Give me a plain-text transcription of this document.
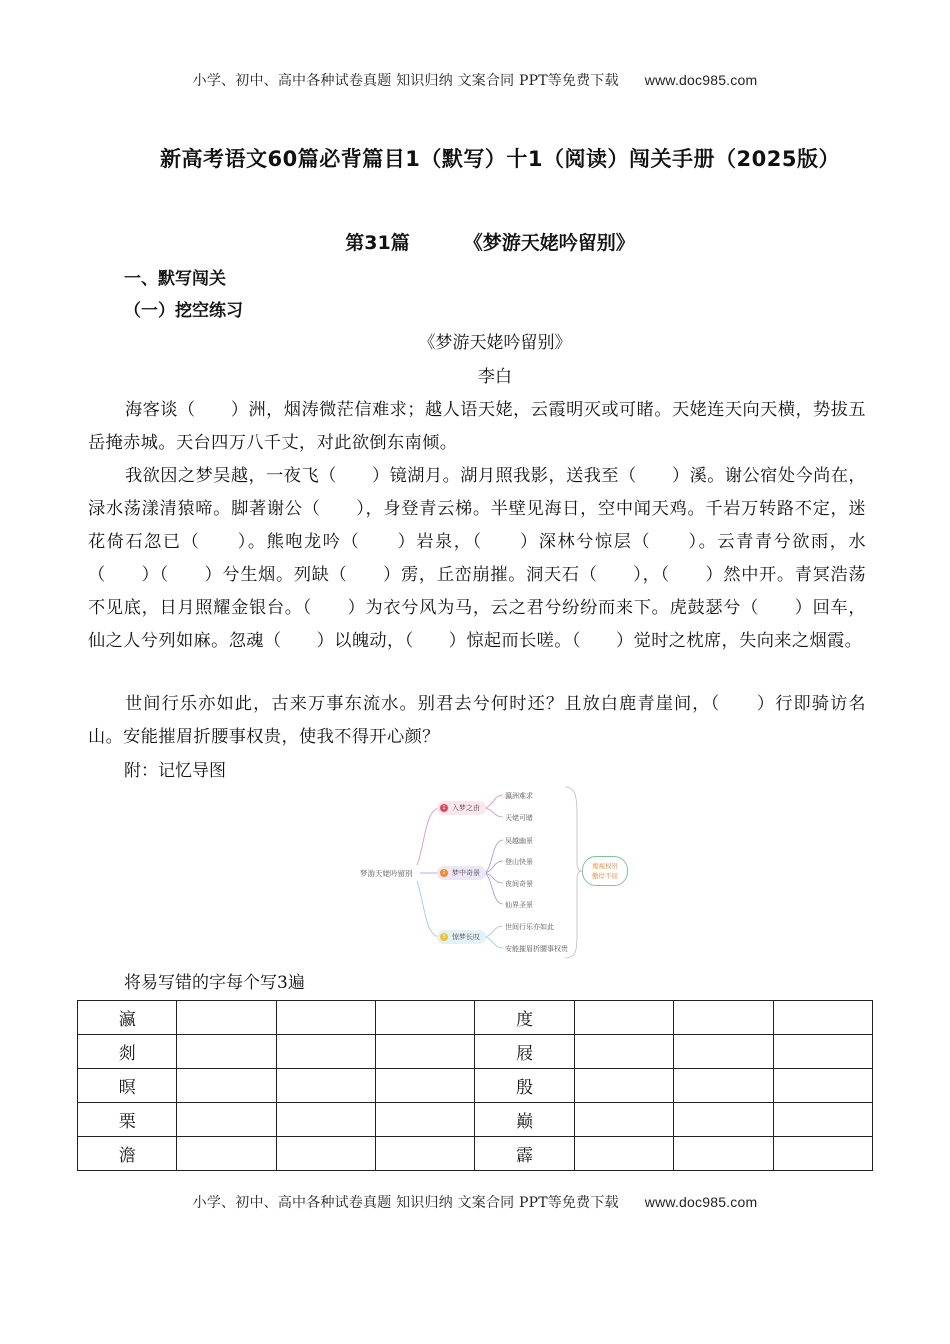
小学、初中、高中各种试卷真题 知识归纳 文案合同 PPT等免费下载 www.doc985.com
新高考语文60篇必背篇目1（默写）十1（阅读）闯关手册（2025版）
第31篇	《梦游天姥吟留别》
一、默写闯关
（一）挖空练习
《梦游天姥吟留别》
李白

海客谈（　　）洲，烟涛微茫信难求；越人语天姥，云霞明灭或可睹。天姥连天向天横，势拔五岳掩赤城。天台四万八千丈，对此欲倒东南倾。

我欲因之梦吴越，一夜飞（　　）镜湖月。湖月照我影，送我至（　　）溪。谢公宿处今尚在，渌水荡漾清猿啼。脚著谢公（　　），身登青云梯。半壁见海日，空中闻天鸡。千岩万转路不定，迷花倚石忽已（　　）。熊咆龙吟（　　）岩泉，（　　）深林兮惊层（　　）。云青青兮欲雨，水（　　）（　　）兮生烟。列缺（　　）雳，丘峦崩摧。洞天石（　　），（　　）然中开。青冥浩荡不见底，日月照耀金银台。（　　）为衣兮风为马，云之君兮纷纷而来下。虎鼓瑟兮（　　）回车，仙之人兮列如麻。忽魂（　　）以魄动，（　　）惊起而长嗟。（　　）觉时之枕席，失向来之烟霞。

世间行乐亦如此，古来万事东流水。别君去兮何时还？且放白鹿青崖间，（　　）行即骑访名山。安能摧眉折腰事权贵，使我不得开心颜？

附：记忆导图
梦游天姥吟留别
1 入梦之由
2 梦中奇景
3 惊梦长叹
瀛洲难求
天姥可睹
吴越幽景
登山快景
夜间奇景
仙界圣景
世间行乐亦如此
安能摧眉折腰事权贵
蔑视权贵
傲岸不屈
将易写错的字每个写3遍
瀛				度			
剡				屐			
暝				殷			
栗				巅			
澹				霹			
小学、初中、高中各种试卷真题 知识归纳 文案合同 PPT等免费下载 www.doc985.com
